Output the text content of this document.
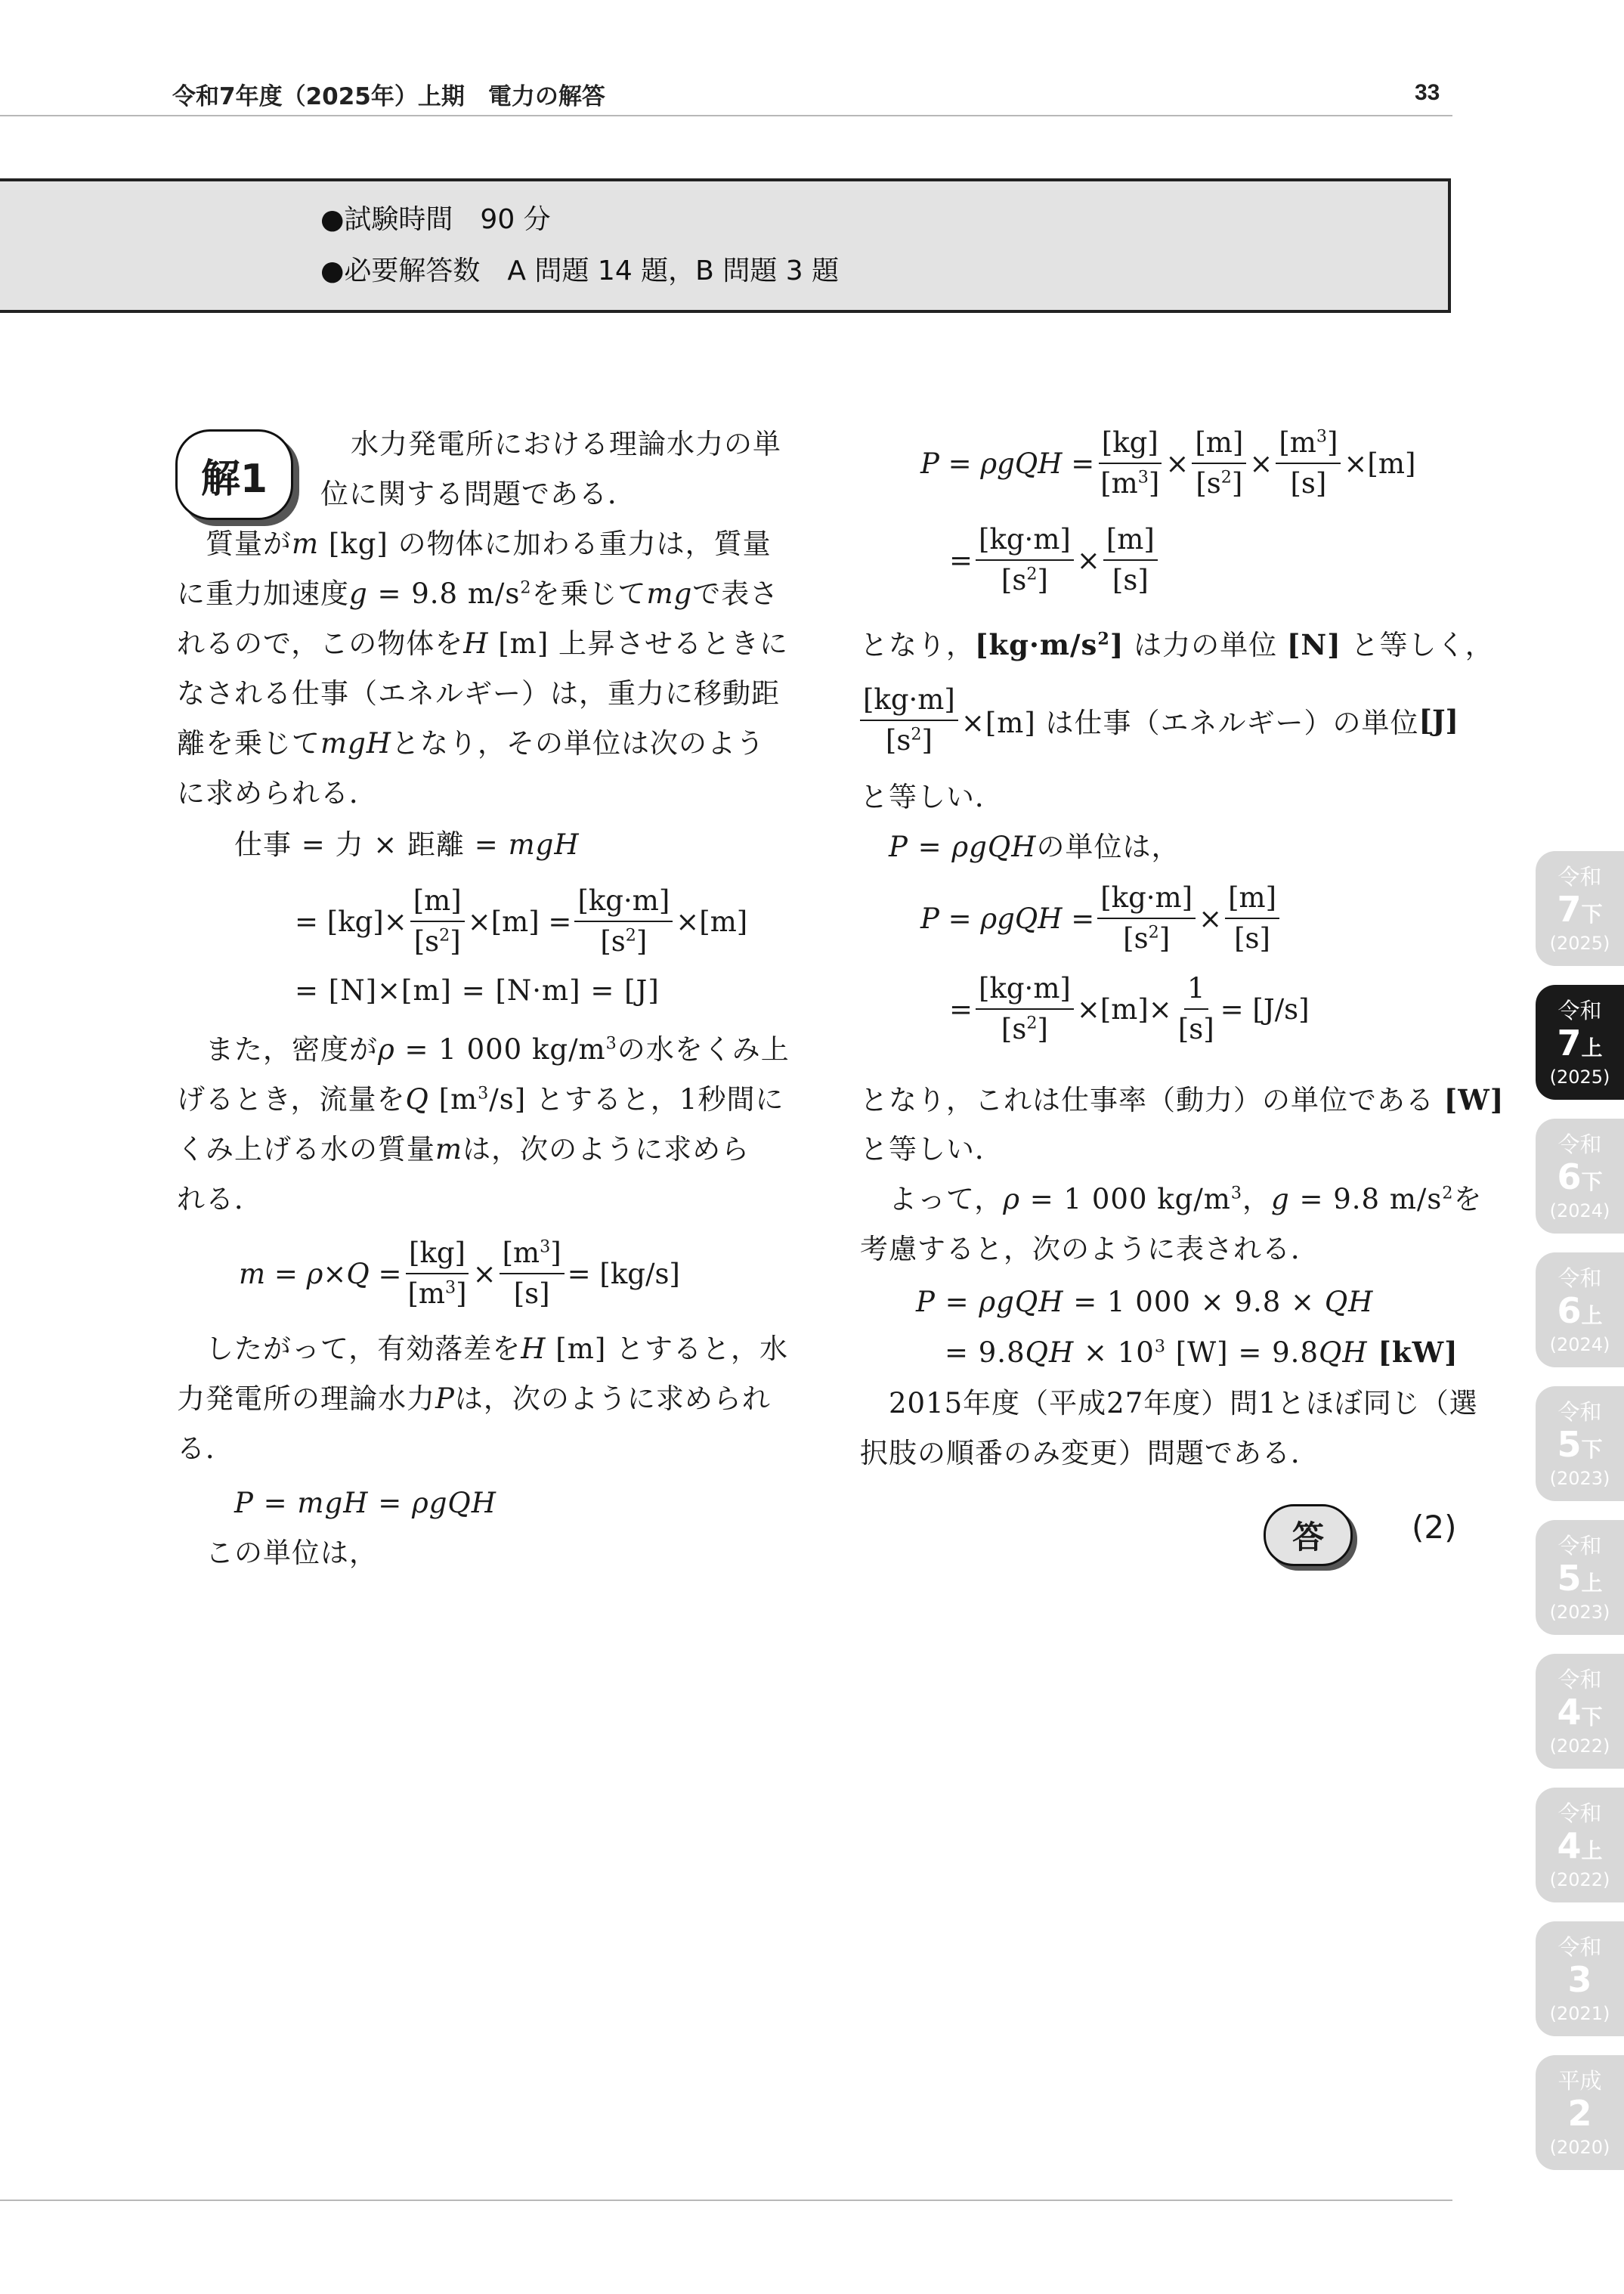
令和7年度（2025年）上期　電力の解答	33
●試験時間　90 分
●必要解答数　A 問題 14 題，B 問題 3 題
解1
水力発電所における理論水力の単
位に関する問題である．
質量がm [kg] の物体に加わる重力は，質量
に重力加速度g = 9.8 $m/s^2$を乗じてmgで表さ
れるので，この物体をH [m] 上昇させるときに
なされる仕事（エネルギー）は，重力に移動距
離を乗じてmgHとなり，その単位は次のよう
に求められる．
仕事 = 力 × 距離 = mgH
= $[kg]\times \frac{[m]}{[s^2]} \times[m] = \frac{[kg\cdot m]}{[s^2]} \times[m]$
= [N]×[m] = [N·m] = [J]
また，密度がρ = 1 000 $kg/m^3$の水をくみ上
げるとき，流量をQ $[m^3/s]$ とすると，1秒間に
くみ上げる水の質量mは，次のように求めら
れる．
$m = \rho\times Q = \frac{[kg]}{[m^3]} \times \frac{[m^3]}{[s]} = [kg/s]$
したがって，有効落差をH [m] とすると，水
力発電所の理論水力Pは，次のように求められ
る．
P = mgH = ρgQH
この単位は，
$P = \rho gQH = \frac{[kg]}{[m^3]} \times \frac{[m]}{[s^2]} \times \frac{[m^3]}{[s]} \times[m]$
= $\frac{[kg\cdot m]}{[s^2]} \times \frac{[m]}{[s]}$
となり，$[kg\cdot m/s^2]$ は力の単位 [N] と等しく，
$\frac{[kg\cdot m]}{[s^2]} \times[m]$ は仕事（エネルギー）の単位 [J]
と等しい．
P = ρgQHの単位は，
$P = \rho gQH = \frac{[kg\cdot m]}{[s^2]} \times \frac{[m]}{[s]}$
= $\frac{[kg\cdot m]}{[s^2]} \times[m]\times \frac{1}{[s]} = [J/s]$
となり，これは仕事率（動力）の単位である [W]
と等しい．
よって，ρ = 1 000 $kg/m^3$，g = 9.8 $m/s^2$を
考慮すると，次のように表される．
P = ρgQH = 1 000 × 9.8 × QH
= $9.8QH \times 10^3$ [W] = 9.8QH [kW]
2015年度（平成27年度）問1とほぼ同じ（選
択肢の順番のみ変更）問題である．
答	(2)
令和
7下
(2025)
令和
7上
(2025)
令和
6下
(2024)
令和
6上
(2024)
令和
5下
(2023)
令和
5上
(2023)
令和
4下
(2022)
令和
4上
(2022)
令和
3
(2021)
平成
2
(2020)
